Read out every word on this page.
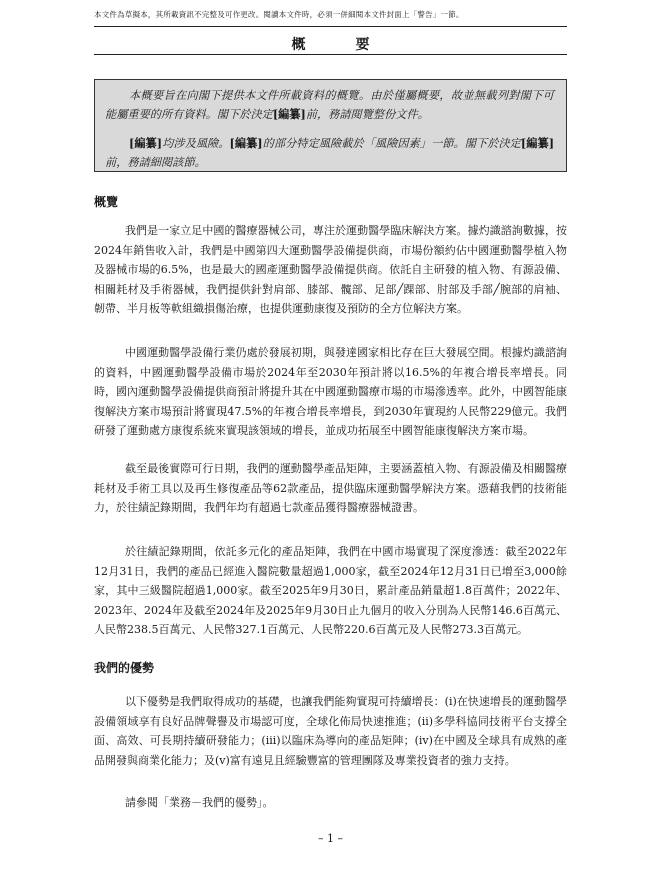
本文件為草擬本，其所載資訊不完整及可作更改。閱讀本文件時，必須一併細閱本文件封面上「警告」一節。
概　要

本概要旨在向閣下提供本文件所載資料的概覽。由於僅屬概要，故並無載列對閣下可能屬重要的所有資料。閣下於決定[編纂]前，務請閱覽整份文件。

[編纂]均涉及風險。[編纂]的部分特定風險載於「風險因素」一節。閣下於決定[編纂]前，務請細閱該節。

概覽

我們是一家立足中國的醫療器械公司，專注於運動醫學臨床解決方案。據灼識諮詢數據，按2024年銷售收入計，我們是中國第四大運動醫學設備提供商，市場份額約佔中國運動醫學植入物及器械市場的6.5%，也是最大的國產運動醫學設備提供商。依託自主研發的植入物、有源設備、相關耗材及手術器械，我們提供針對肩部、膝部、髖部、足部╱踝部、肘部及手部╱腕部的肩袖、韌帶、半月板等軟組織損傷治療，也提供運動康復及預防的全方位解決方案。

中國運動醫學設備行業仍處於發展初期，與發達國家相比存在巨大發展空間。根據灼識諮詢的資料，中國運動醫學設備市場於2024年至2030年預計將以16.5%的年複合增長率增長。同時，國內運動醫學設備提供商預計將提升其在中國運動醫療市場的市場滲透率。此外，中國智能康復解決方案市場預計將實現47.5%的年複合增長率增長，到2030年實現約人民幣229億元。我們研發了運動處方康復系統來實現該領域的增長，並成功拓展至中國智能康復解決方案市場。

截至最後實際可行日期，我們的運動醫學產品矩陣，主要涵蓋植入物、有源設備及相關醫療耗材及手術工具以及再生修復產品等62款產品，提供臨床運動醫學解決方案。憑藉我們的技術能力，於往績記錄期間，我們年均有超過七款產品獲得醫療器械證書。

於往績記錄期間，依託多元化的產品矩陣，我們在中國市場實現了深度滲透：截至2022年12月31日，我們的產品已經進入醫院數量超過1,000家，截至2024年12月31日已增至3,000餘家，其中三級醫院超過1,000家。截至2025年9月30日，累計產品銷量超1.8百萬件；2022年、2023年、2024年及截至2024年及2025年9月30日止九個月的收入分別為人民幣146.6百萬元、人民幣238.5百萬元、人民幣327.1百萬元、人民幣220.6百萬元及人民幣273.3百萬元。

我們的優勢

以下優勢是我們取得成功的基礎，也讓我們能夠實現可持續增長：(i)在快速增長的運動醫學設備領域享有良好品牌聲譽及市場認可度，全球化佈局快速推進；(ii)多學科協同技術平台支撐全面、高效、可長期持續研發能力；(iii)以臨床為導向的產品矩陣；(iv)在中國及全球具有成熟的產品開發與商業化能力；及(v)富有遠見且經驗豐富的管理團隊及專業投資者的強力支持。

請參閱「業務－我們的優勢」。

– 1 –
